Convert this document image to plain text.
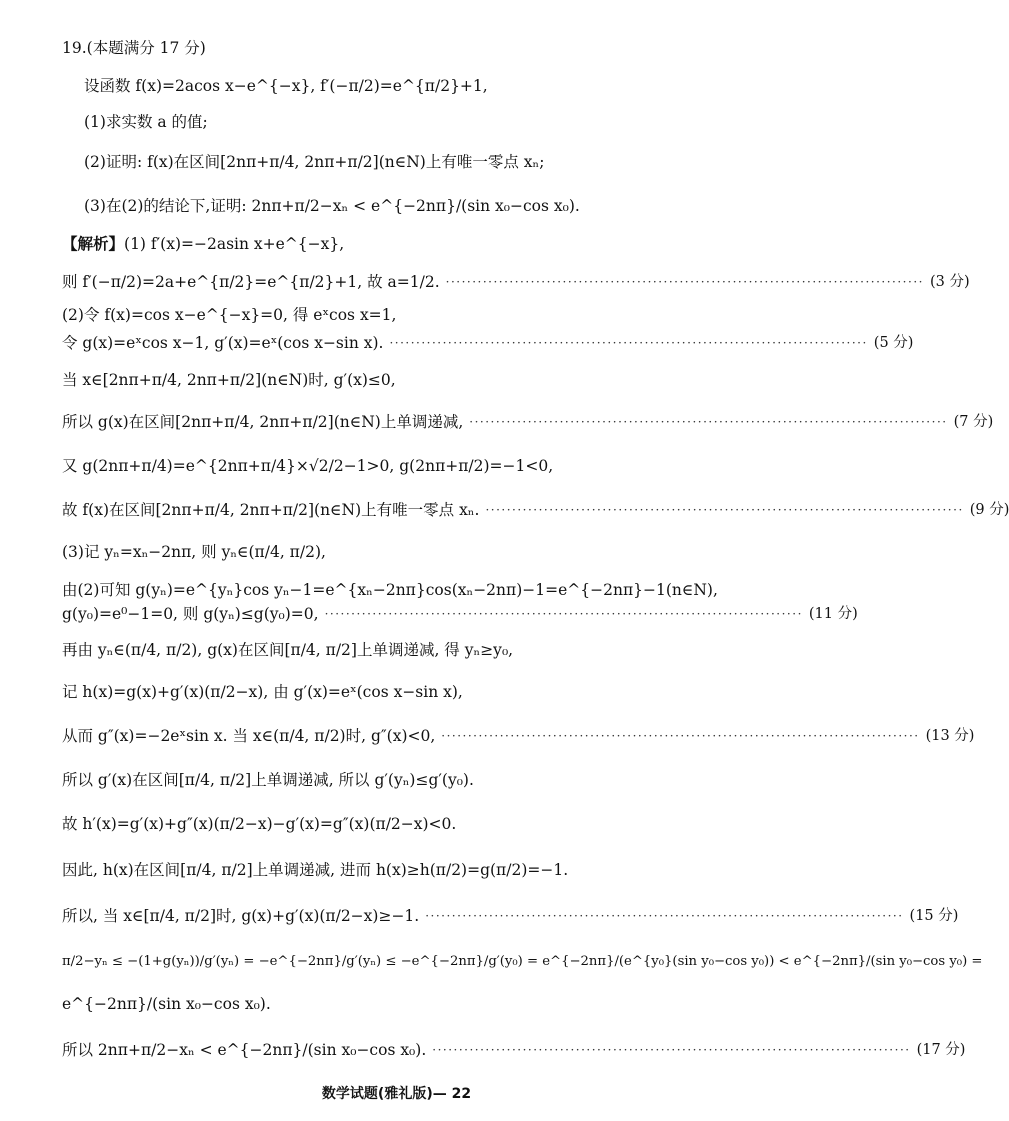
19.(本题满分 17 分)
设函数 f(x)=2acos x−e^{−x}, f′(−π/2)=e^{π/2}+1,
(1)求实数 a 的值;
(2)证明: f(x)在区间[2nπ+π/4, 2nπ+π/2](n∈N)上有唯一零点 xₙ;
(3)在(2)的结论下,证明: 2nπ+π/2−xₙ < e^{−2nπ}/(sin x₀−cos x₀).
【解析】 (1) f′(x)=−2asin x+e^{−x},
则 f′(−π/2)=2a+e^{π/2}=e^{π/2}+1, 故 a=1/2. ·························································································· (3 分)
(2)令 f(x)=cos x−e^{−x}=0, 得 eˣcos x=1,
令 g(x)=eˣcos x−1, g′(x)=eˣ(cos x−sin x). ·························································································· (5 分)
当 x∈[2nπ+π/4, 2nπ+π/2](n∈N)时, g′(x)≤0,
所以 g(x)在区间[2nπ+π/4, 2nπ+π/2](n∈N)上单调递减, ·························································································· (7 分)
又 g(2nπ+π/4)=e^{2nπ+π/4}×√2/2−1>0, g(2nπ+π/2)=−1<0,
故 f(x)在区间[2nπ+π/4, 2nπ+π/2](n∈N)上有唯一零点 xₙ. ·························································································· (9 分)
(3)记 yₙ=xₙ−2nπ, 则 yₙ∈(π/4, π/2),
由(2)可知 g(yₙ)=e^{yₙ}cos yₙ−1=e^{xₙ−2nπ}cos(xₙ−2nπ)−1=e^{−2nπ}−1(n∈N),
g(y₀)=e⁰−1=0, 则 g(yₙ)≤g(y₀)=0, ·························································································· (11 分)
再由 yₙ∈(π/4, π/2), g(x)在区间[π/4, π/2]上单调递减, 得 yₙ≥y₀,
记 h(x)=g(x)+g′(x)(π/2−x), 由 g′(x)=eˣ(cos x−sin x),
从而 g″(x)=−2eˣsin x. 当 x∈(π/4, π/2)时, g″(x)<0, ·························································································· (13 分)
所以 g′(x)在区间[π/4, π/2]上单调递减, 所以 g′(yₙ)≤g′(y₀).
故 h′(x)=g′(x)+g″(x)(π/2−x)−g′(x)=g″(x)(π/2−x)<0.
因此, h(x)在区间[π/4, π/2]上单调递减, 进而 h(x)≥h(π/2)=g(π/2)=−1.
所以, 当 x∈[π/4, π/2]时, g(x)+g′(x)(π/2−x)≥−1. ·························································································· (15 分)
π/2−yₙ ≤ −(1+g(yₙ))/g′(yₙ) = −e^{−2nπ}/g′(yₙ) ≤ −e^{−2nπ}/g′(y₀) = e^{−2nπ}/(e^{y₀}(sin y₀−cos y₀)) < e^{−2nπ}/(sin y₀−cos y₀) =
e^{−2nπ}/(sin x₀−cos x₀).
所以 2nπ+π/2−xₙ < e^{−2nπ}/(sin x₀−cos x₀). ·························································································· (17 分)
数学试题(雅礼版)— 22
